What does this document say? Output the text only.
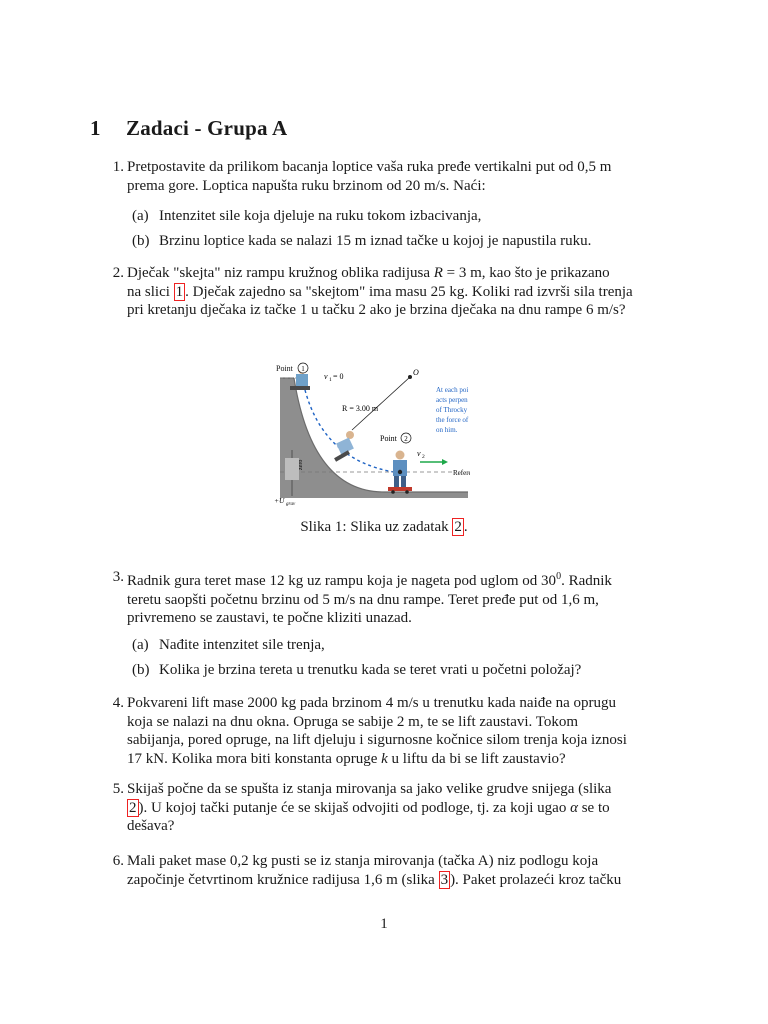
1 Zadaci - Grupa A
1. Pretpostavite da prilikom bacanja loptice vaša ruka pređe vertikalni put od 0,5 m
prema gore. Loptica napušta ruku brzinom od 20 m/s. Naći:
(a) Intenzitet sile koja djeluje na ruku tokom izbacivanja,
(b) Brzinu loptice kada se nalazi 15 m iznad tačke u kojoj je napustila ruku.
2. Dječak "skejta" niz rampu kružnog oblika radijusa R = 3 m, kao što je prikazano
na slici 1 . Dječak zajedno sa "skejtom" ima masu 25 kg. Koliki rad izvrši sila trenja
pri kretanju dječaka iz tačke 1 u tačku 2 ako je brzina dječaka na dnu rampe 6 m/s?
Point 1
v 1 = 0	O
R = 3.00 m
Point 2
v 2
Refere
At each poi
acts perpen
of Throcky
the force of
on him.
zero
+U grav
Slika 1: Slika uz zadatak 2 .
3. Radnik gura teret mase 12 kg uz rampu koja je nageta pod uglom od $30^0$. Radnik
teretu saopšti početnu brzinu od 5 m/s na dnu rampe. Teret pređe put od 1,6 m,
privremeno se zaustavi, te počne kliziti unazad.
(a) Nađite intenzitet sile trenja,
(b) Kolika je brzina tereta u trenutku kada se teret vrati u početni položaj?
4. Pokvareni lift mase 2000 kg pada brzinom 4 m/s u trenutku kada naiđe na oprugu
koja se nalazi na dnu okna. Opruga se sabije 2 m, te se lift zaustavi. Tokom
sabijanja, pored opruge, na lift djeluju i sigurnosne kočnice silom trenja koja iznosi
17 kN. Kolika mora biti konstanta opruge k u liftu da bi se lift zaustavio?
5. Skijaš počne da se spušta iz stanja mirovanja sa jako velike grudve snijega (slika
2 ). U kojoj tački putanje će se skijaš odvojiti od podloge, tj. za koji ugao α se to
dešava?
6. Mali paket mase 0,2 kg pusti se iz stanja mirovanja (tačka A) niz podlogu koja
započinje četvrtinom kružnice radijusa 1,6 m (slika 3 ). Paket prolazeći kroz tačku
1
